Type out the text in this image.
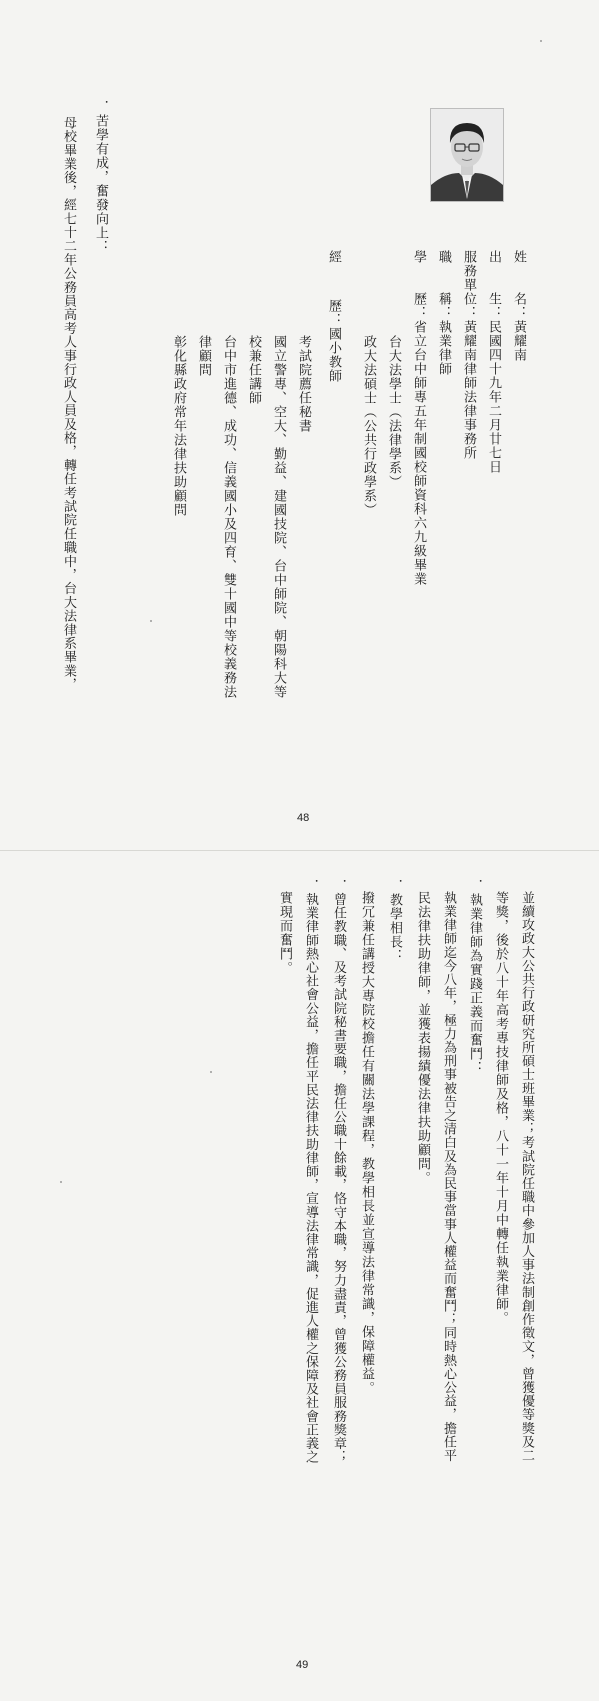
姓　　名：黃耀南
出　　生：民國四十九年二月廿七日
服務單位：黃耀南律師法律事務所
職　　稱：執業律師
學　　歷：省立台中師專五年制國校師資科六九級畢業
台大法學士（法律學系）
政大法碩士（公共行政學系）
經
歷：國小教師
考試院薦任秘書
國立警專、空大、勤益、建國技院、台中師院、朝陽科大等
校兼任講師
台中市進德、成功、信義國小及四育、雙十國中等校義務法
律顧問
彰化縣政府常年法律扶助顧問
．苦學有成，奮發向上：
母校畢業後，經七十二年公務員高考人事行政人員及格，轉任考試院任職中，台大法律系畢業，
48
並續攻政大公共行政研究所碩士班畢業；考試院任職中參加人事法制創作徵文，曾獲優等獎及二
等獎，後於八十年高考專技律師及格，八十一年十月中轉任執業律師。
．執業律師為實踐正義而奮鬥：
執業律師迄今八年，極力為刑事被告之清白及為民事當事人權益而奮鬥；同時熱心公益，擔任平
民法律扶助律師，並獲表揚績優法律扶助顧問。
．教學相長：
撥冗兼任講授大專院校擔任有關法學課程，教學相長並宣導法律常識，保障權益。
．曾任教職、及考試院秘書要職，擔任公職十餘載，恪守本職，努力盡責，曾獲公務員服務獎章；
．執業律師熱心社會公益，擔任平民法律扶助律師，宣導法律常識，促進人權之保障及社會正義之
實現而奮鬥。
49
